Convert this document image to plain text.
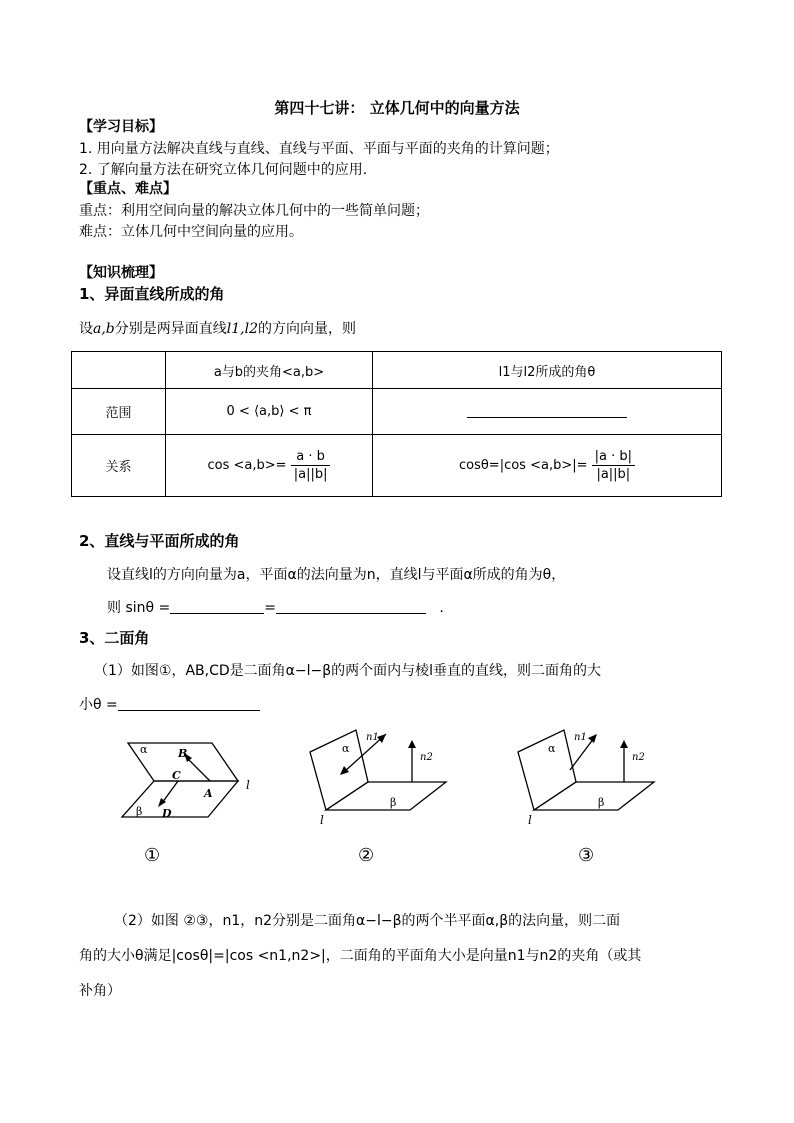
第四十七讲： 立体几何中的向量方法
【学习目标】
1. 用向量方法解决直线与直线、直线与平面、平面与平面的夹角的计算问题；
2. 了解向量方法在研究立体几何问题中的应用.
【重点、难点】
重点：利用空间向量的解决立体几何中的一些简单问题；
难点：立体几何中空间向量的应用。
【知识梳理】
1、异面直线所成的角
设a,b分别是两异面直线l1,l2的方向向量，则
	a与b的夹角<a,b>	l1与l2所成的角θ
范围	0 < ⟨a,b⟩ < π	
关系	$\cos <a,b>= \frac{a \cdot b}{|a||b|}$	$\cos\theta=|\cos <a,b>|= \frac{|a \cdot b|}{|a||b|}$
2、直线与平面所成的角
设直线l的方向向量为a，平面α的法向量为n，直线l与平面α所成的角为θ，
则 sinθ =	=	.
3、二面角
（1）如图①，AB,CD是二面角α−l−β的两个面内与棱l垂直的直线，则二面角的大
小θ =
α
β
B
C
A
D
l
①
α
β
n1
n2
l
②
α
β
n1
n2
l
③
（2）如图 ②③，n1，n2分别是二面角α−l−β的两个半平面α,β的法向量，则二面
角的大小θ满足|cosθ|=|cos <n1,n2>|，二面角的平面角大小是向量n1与n2的夹角（或其
补角）
